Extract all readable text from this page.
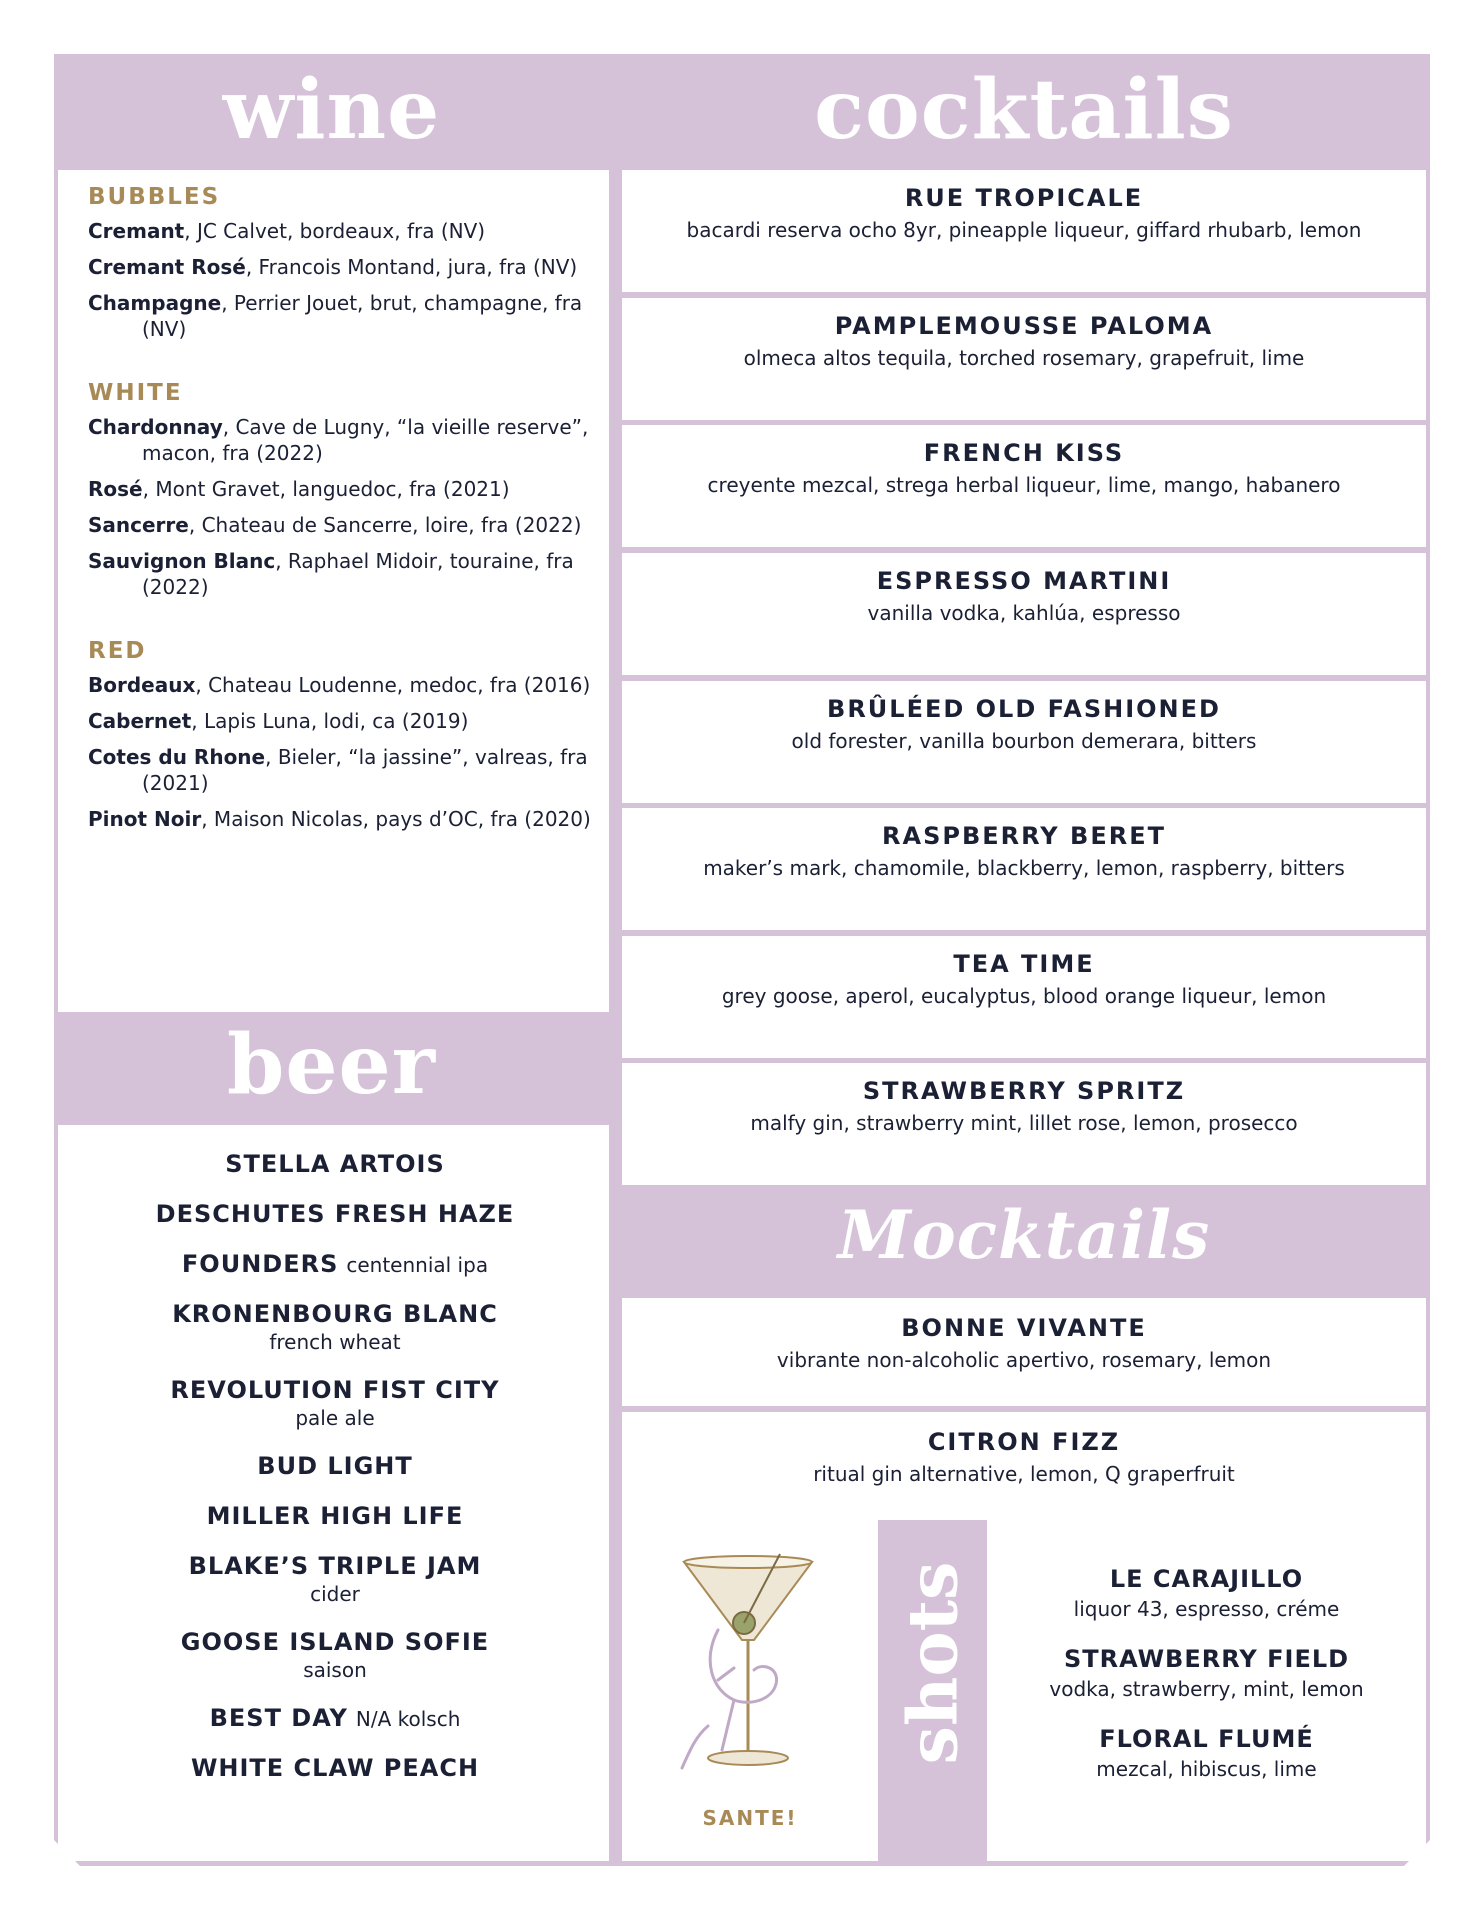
wine	cocktails
BUBBLES
Cremant, JC Calvet, bordeaux, fra (NV)
Cremant Rosé, Francois Montand, jura, fra (NV)
Champagne, Perrier Jouet, brut, champagne, fra (NV)
WHITE
Chardonnay, Cave de Lugny, “la vieille reserve”, macon, fra (2022)
Rosé, Mont Gravet, languedoc, fra (2021)
Sancerre, Chateau de Sancerre, loire, fra (2022)
Sauvignon Blanc, Raphael Midoir, touraine, fra (2022)
RED
Bordeaux, Chateau Loudenne, medoc, fra (2016)
Cabernet, Lapis Luna, lodi, ca (2019)
Cotes du Rhone, Bieler, “la jassine”, valreas, fra (2021)
Pinot Noir, Maison Nicolas, pays d’OC, fra (2020)
beer
STELLA ARTOIS
DESCHUTES FRESH HAZE
FOUNDERS centennial ipa
KRONENBOURG BLANC
french wheat
REVOLUTION FIST CITY
pale ale
BUD LIGHT
MILLER HIGH LIFE
BLAKE’S TRIPLE JAM
cider
GOOSE ISLAND SOFIE
saison
BEST DAY N/A kolsch
WHITE CLAW PEACH
RUE TROPICALE
bacardi reserva ocho 8yr, pineapple liqueur, giffard rhubarb, lemon
PAMPLEMOUSSE PALOMA
olmeca altos tequila, torched rosemary, grapefruit, lime
FRENCH KISS
creyente mezcal, strega herbal liqueur, lime, mango, habanero
ESPRESSO MARTINI
vanilla vodka, kahlúa, espresso
BRÛLÉED OLD FASHIONED
old forester, vanilla bourbon demerara, bitters
RASPBERRY BERET
maker’s mark, chamomile, blackberry, lemon, raspberry, bitters
TEA TIME
grey goose, aperol, eucalyptus, blood orange liqueur, lemon
STRAWBERRY SPRITZ
malfy gin, strawberry mint, lillet rose, lemon, prosecco
Mocktails
BONNE VIVANTE
vibrante non-alcoholic apertivo, rosemary, lemon
CITRON FIZZ
ritual gin alternative, lemon, Q graperfruit
SANTE!
shots	LE CARAJILLO
liquor 43, espresso, créme
STRAWBERRY FIELD
vodka, strawberry, mint, lemon
FLORAL FLUMÉ
mezcal, hibiscus, lime
